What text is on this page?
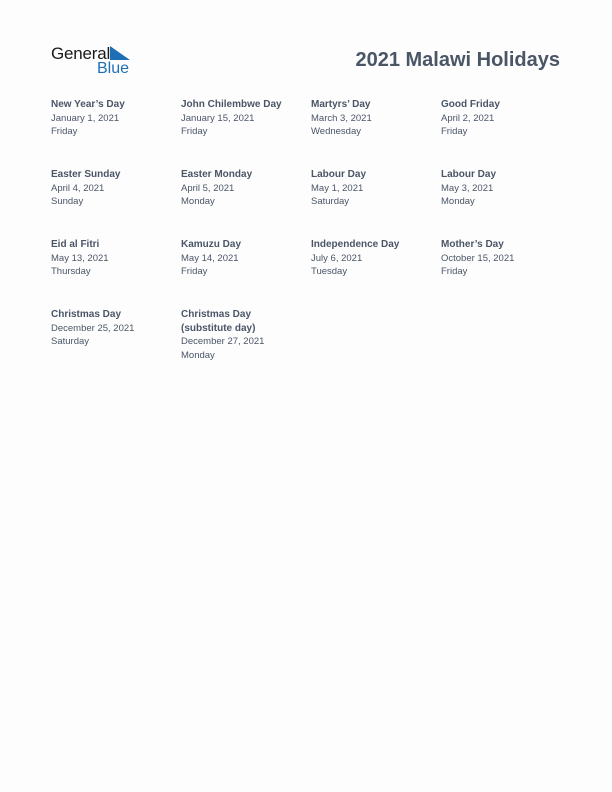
General
Blue	2021 Malawi Holidays
New Year’s Day
January 1, 2021
Friday
John Chilembwe Day
January 15, 2021
Friday
Martyrs’ Day
March 3, 2021
Wednesday
Good Friday
April 2, 2021
Friday
Easter Sunday
April 4, 2021
Sunday
Easter Monday
April 5, 2021
Monday
Labour Day
May 1, 2021
Saturday
Labour Day
May 3, 2021
Monday
Eid al Fitri
May 13, 2021
Thursday
Kamuzu Day
May 14, 2021
Friday
Independence Day
July 6, 2021
Tuesday
Mother’s Day
October 15, 2021
Friday
Christmas Day
December 25, 2021
Saturday
Christmas Day (substitute day)
December 27, 2021
Monday
